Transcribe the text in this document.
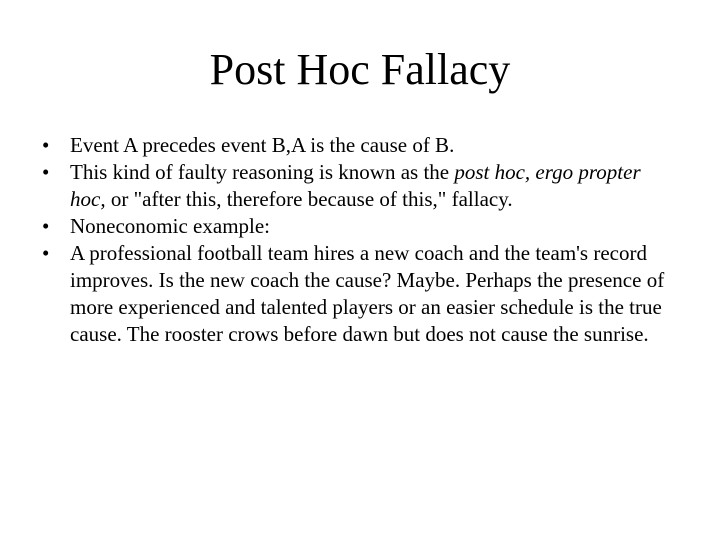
Post Hoc Fallacy
• Event A precedes event B,A is the cause of B.
• This kind of faulty reasoning is known as the post hoc, ergo propter hoc, or "after this, therefore because of this," fallacy.
• Noneconomic example:
• A professional football team hires a new coach and the team's record improves. Is the new coach the cause? Maybe. Perhaps the presence of more experienced and talented players or an easier schedule is the true cause. The rooster crows before dawn but does not cause the sunrise.
